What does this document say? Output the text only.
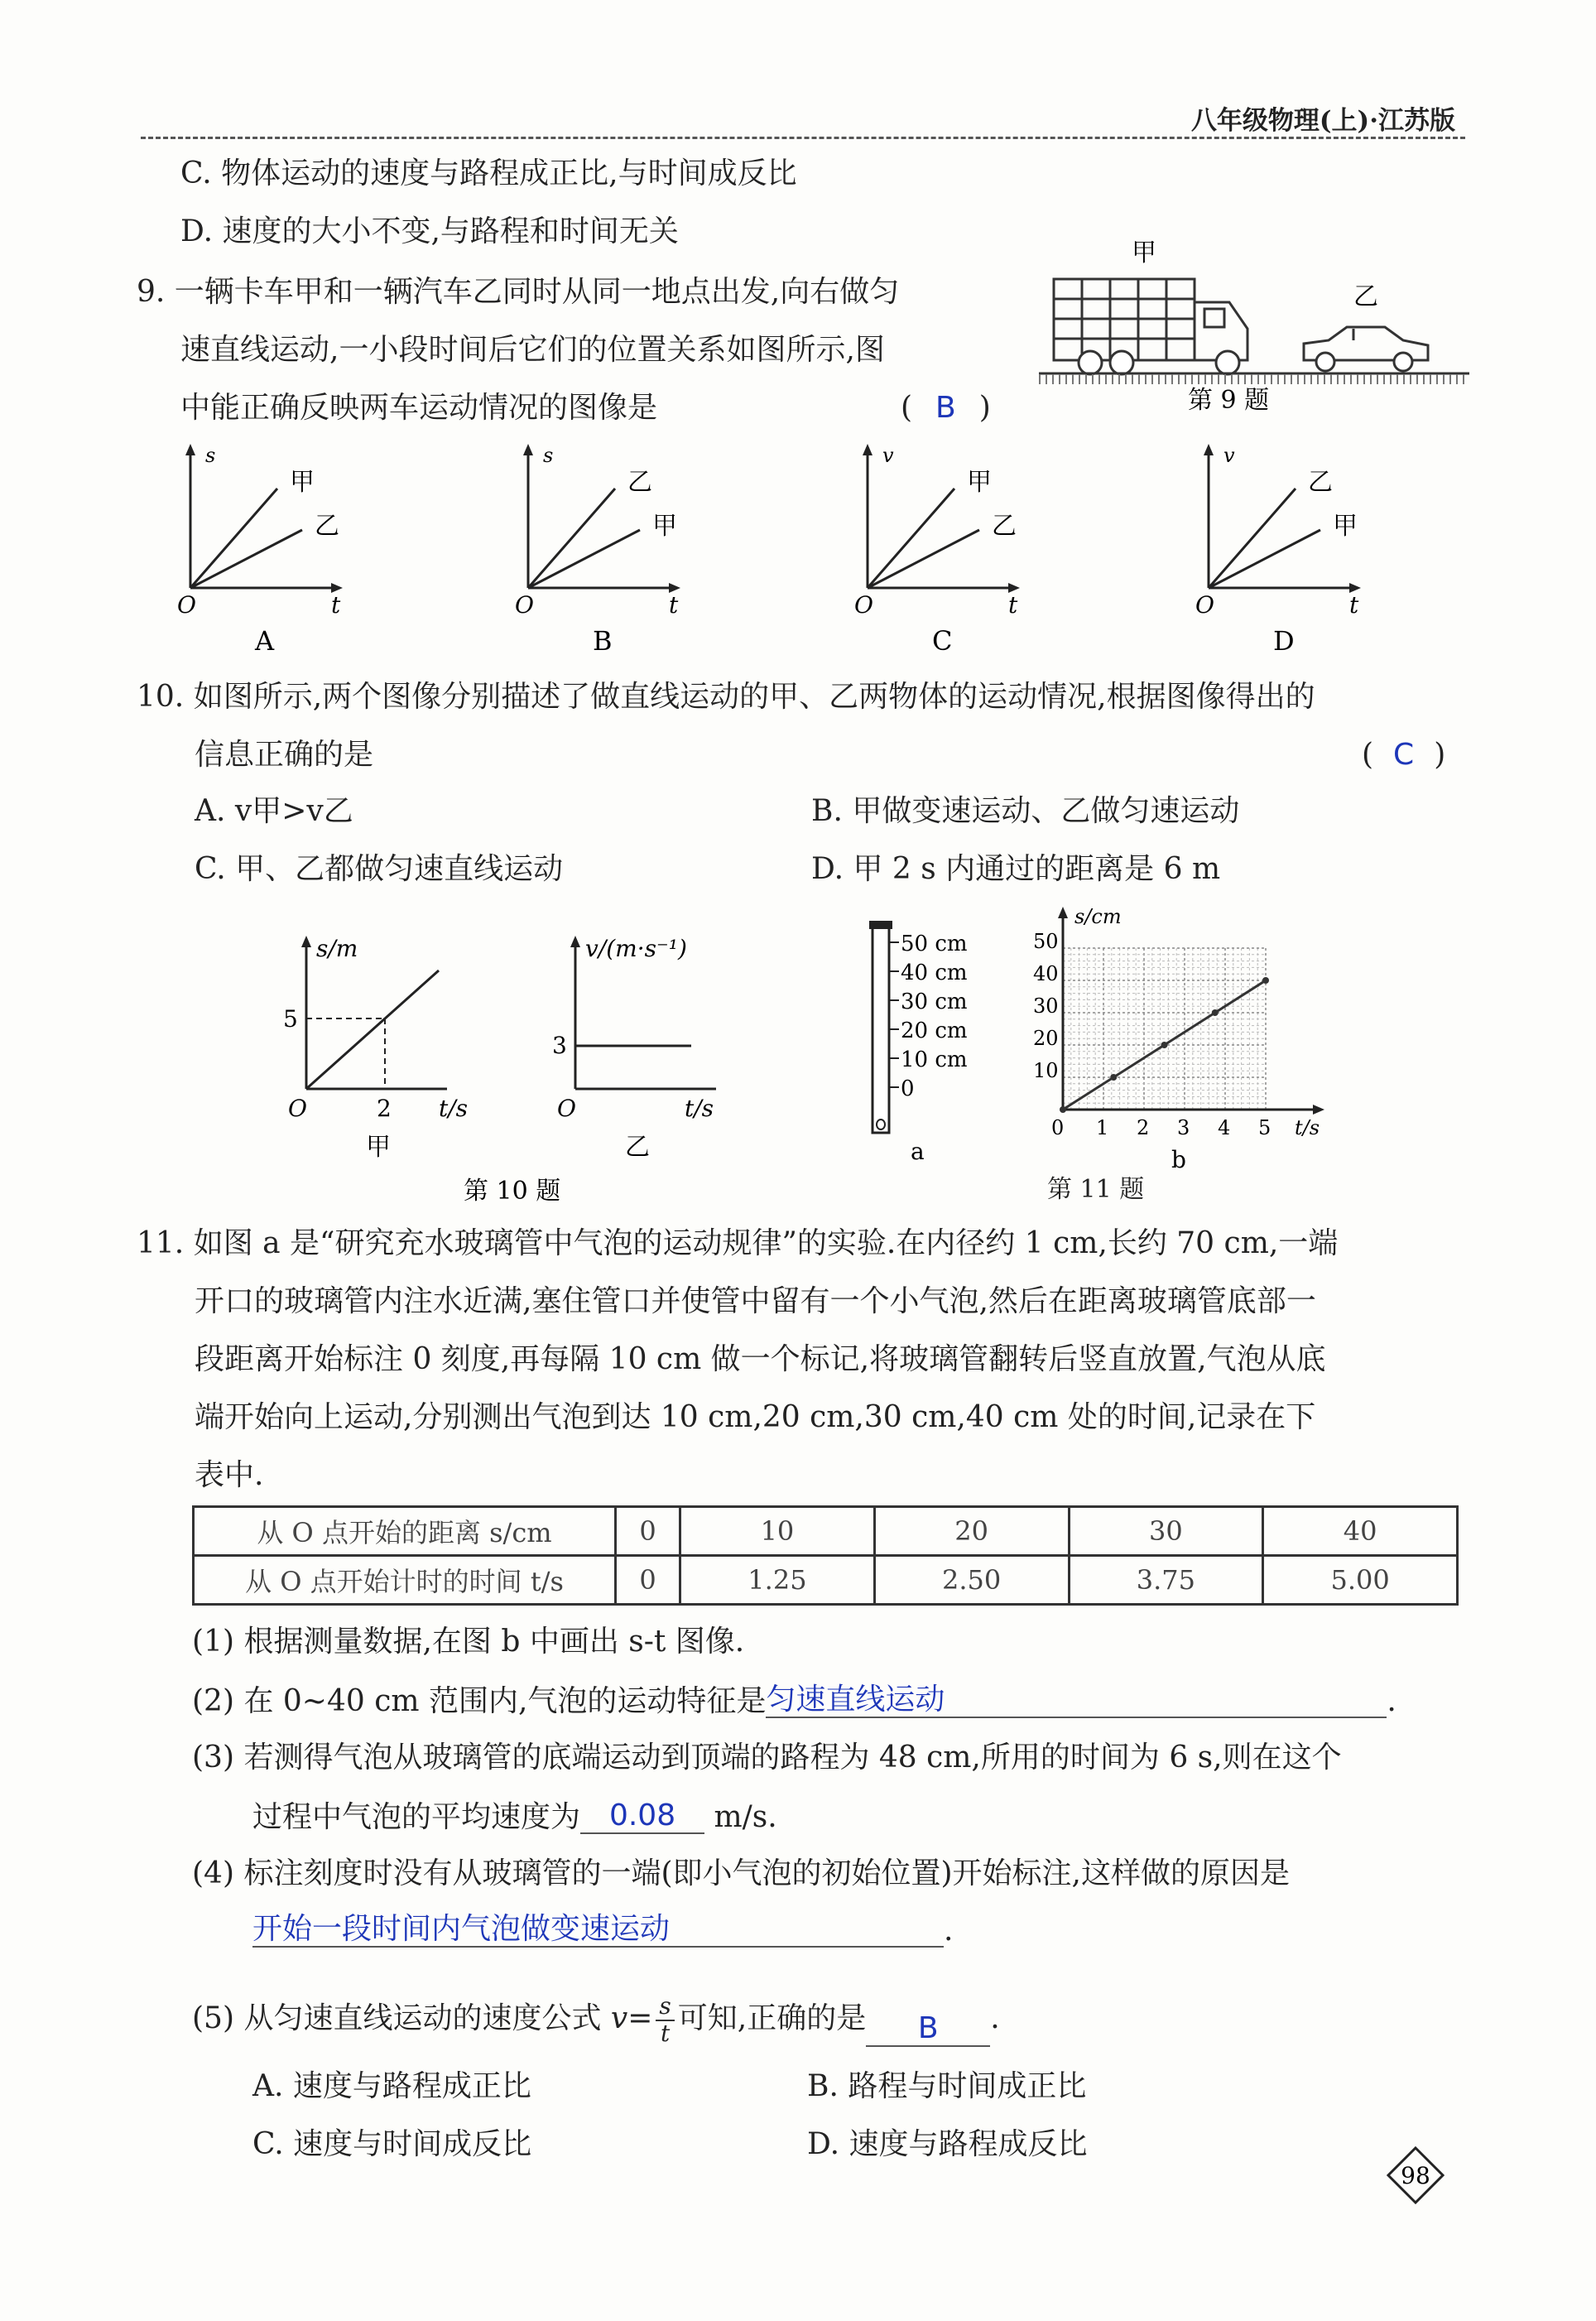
八年级物理(上)·江苏版
C. 物体运动的速度与路程成正比,与时间成反比
D. 速度的大小不变,与路程和时间无关
9. 一辆卡车甲和一辆汽车乙同时从同一地点出发,向右做匀
速直线运动,一小段时间后它们的位置关系如图所示,图
中能正确反映两车运动情况的图像是	( B )
甲
乙
第 9 题
s
甲
乙
O	t
A
s
乙
甲
O	t
B
v
甲
乙
O	t
C
v
乙
甲
O	t
D
10. 如图所示,两个图像分别描述了做直线运动的甲、乙两物体的运动情况,根据图像得出的
信息正确的是	( C )
A. v甲>v乙	B. 甲做变速运动、乙做匀速运动
C. 甲、乙都做匀速直线运动	D. 甲 2 s 内通过的距离是 6 m
s/m
5
2
O	t/s
甲
v/(m·s⁻¹)
3
O	t/s
乙
第 10 题
50 cm
40 cm
30 cm
20 cm
10 cm
0
a
s/cm
t/s
50
40
30
20
10
0 1 2 3 4 5
b
第 11 题
11. 如图 a 是“研究充水玻璃管中气泡的运动规律”的实验.在内径约 1 cm,长约 70 cm,一端
开口的玻璃管内注水近满,塞住管口并使管中留有一个小气泡,然后在距离玻璃管底部一
段距离开始标注 0 刻度,再每隔 10 cm 做一个标记,将玻璃管翻转后竖直放置,气泡从底
端开始向上运动,分别测出气泡到达 10 cm,20 cm,30 cm,40 cm 处的时间,记录在下
表中.
从 O 点开始的距离 s/cm	0	10	20	30	40
从 O 点开始计时的时间 t/s	0	1.25	2.50	3.75	5.00
(1) 根据测量数据,在图 b 中画出 s-t 图像.
(2) 在 0~40 cm 范围内,气泡的运动特征是匀速直线运动	.
(3) 若测得气泡从玻璃管的底端运动到顶端的路程为 48 cm,所用的时间为 6 s,则在这个
过程中气泡的平均速度为 0.08 m/s.
(4) 标注刻度时没有从玻璃管的一端(即小气泡的初始位置)开始标注,这样做的原因是
开始一段时间内气泡做变速运动	.
(5) 从匀速直线运动的速度公式 $v= \frac{s}{t}$ 可知,正确的是 B .
A. 速度与路程成正比	B. 路程与时间成正比
C. 速度与时间成反比	D. 速度与路程成反比
98
